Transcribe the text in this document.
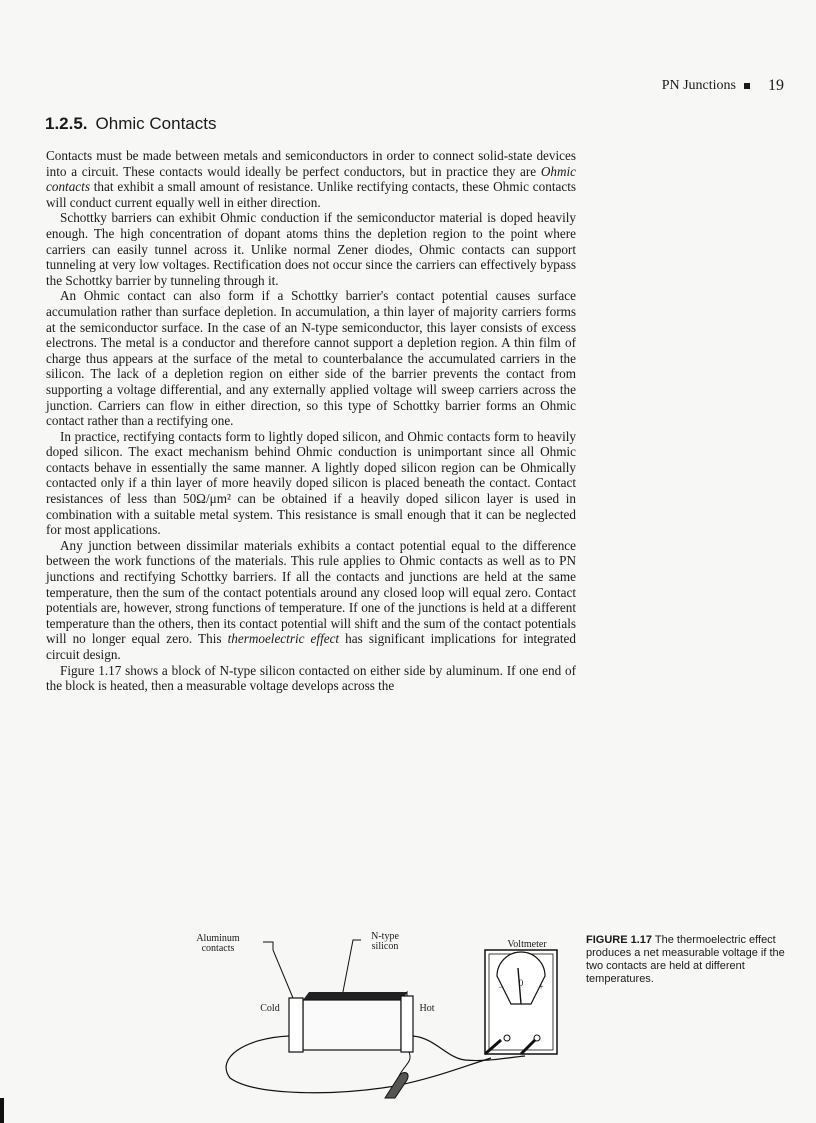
PN Junctions 19
1.2.5. Ohmic Contacts

Contacts must be made between metals and semiconductors in order to connect solid-state devices into a circuit. These contacts would ideally be perfect conductors, but in practice they are Ohmic contacts that exhibit a small amount of resistance. Unlike rectifying contacts, these Ohmic contacts will conduct current equally well in either direction.

Schottky barriers can exhibit Ohmic conduction if the semiconductor material is doped heavily enough. The high concentration of dopant atoms thins the depletion region to the point where carriers can easily tunnel across it. Unlike normal Zener diodes, Ohmic contacts can support tunneling at very low voltages. Rectification does not occur since the carriers can effectively bypass the Schottky barrier by tunneling through it.

An Ohmic contact can also form if a Schottky barrier's contact potential causes surface accumulation rather than surface depletion. In accumulation, a thin layer of majority carriers forms at the semiconductor surface. In the case of an N-type semiconductor, this layer consists of excess electrons. The metal is a conductor and therefore cannot support a depletion region. A thin film of charge thus appears at the surface of the metal to counterbalance the accumulated carriers in the silicon. The lack of a depletion region on either side of the barrier prevents the contact from supporting a voltage differential, and any externally applied voltage will sweep carriers across the junction. Carriers can flow in either direction, so this type of Schottky barrier forms an Ohmic contact rather than a rectifying one.

In practice, rectifying contacts form to lightly doped silicon, and Ohmic contacts form to heavily doped silicon. The exact mechanism behind Ohmic conduction is unimportant since all Ohmic contacts behave in essentially the same manner. A lightly doped silicon region can be Ohmically contacted only if a thin layer of more heavily doped silicon is placed beneath the contact. Contact resistances of less than 50Ω/μm² can be obtained if a heavily doped silicon layer is used in combination with a suitable metal system. This resistance is small enough that it can be neglected for most applications.

Any junction between dissimilar materials exhibits a contact potential equal to the difference between the work functions of the materials. This rule applies to Ohmic contacts as well as to PN junctions and rectifying Schottky barriers. If all the contacts and junctions are held at the same temperature, then the sum of the contact potentials around any closed loop will equal zero. Contact potentials are, however, strong functions of temperature. If one of the junctions is held at a different temperature than the others, then its contact potential will shift and the sum of the contact potentials will no longer equal zero. This thermoelectric effect has significant implications for integrated circuit design.

Figure 1.17 shows a block of N-type silicon contacted on either side by aluminum. If one end of the block is heated, then a measurable voltage develops across the

Aluminum
contacts
N-type
silicon	Voltmeter
Cold	Hot
0
−	+
FIGURE 1.17 The thermoelectric effect produces a net measurable voltage if the two contacts are held at different temperatures.
